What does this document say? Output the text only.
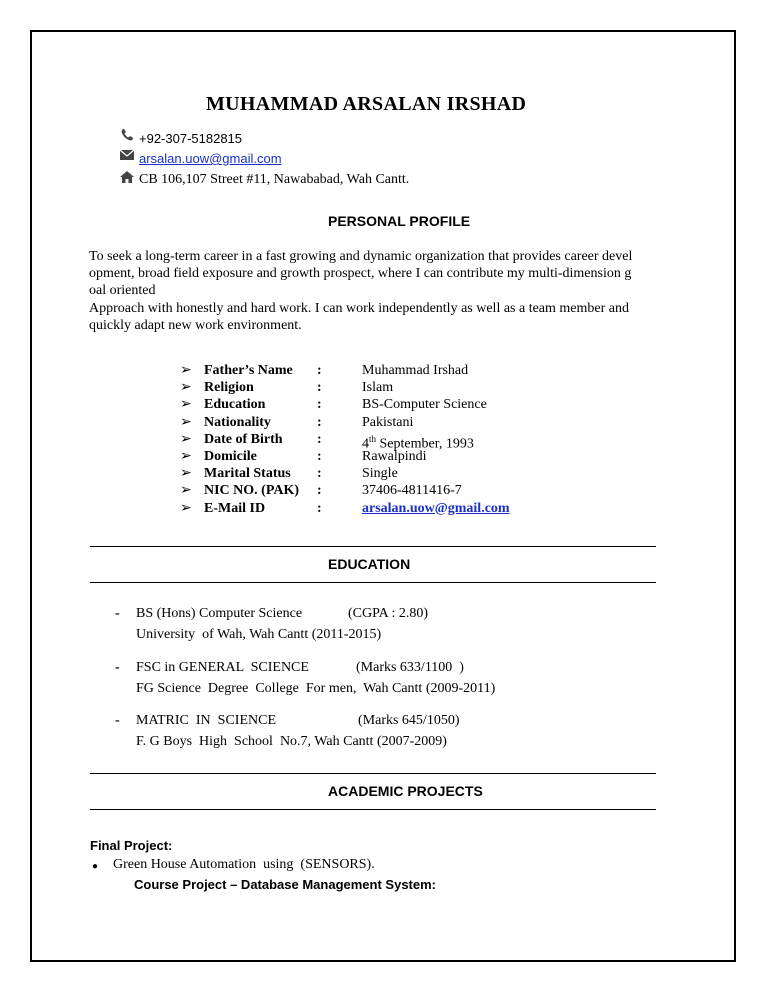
MUHAMMAD ARSALAN IRSHAD
+92-307-5182815
arsalan.uow@gmail.com
CB 106,107 Street #11, Nawababad, Wah Cantt.
PERSONAL PROFILE
To seek a long-term career in a fast growing and dynamic organization that provides career devel
opment, broad field exposure and growth prospect, where I can contribute my multi-dimension g
oal oriented
Approach with honestly and hard work. I can work independently as well as a team member and
quickly adapt new work environment.
➢ Father’s Name :	Muhammad Irshad
➢ Religion	:	Islam
➢ Education	:	BS-Computer Science
➢ Nationality	:	Pakistani
➢ Date of Birth :	4th September, 1993
➢ Domicile	:	Rawalpindi
➢ Marital Status :	Single
➢ NIC NO. (PAK) :	37406-4811416-7
➢ E-Mail ID	:	arsalan.uow@gmail.com
EDUCATION
- BS (Hons) Computer Science	(CGPA : 2.80)
University  of Wah, Wah Cantt (2011-2015)
- FSC in GENERAL  SCIENCE	(Marks 633/1100  )
FG Science  Degree  College  For men,  Wah Cantt (2009-2011)
- MATRIC  IN  SCIENCE	(Marks 645/1050)
F. G Boys  High  School  No.7, Wah Cantt (2007-2009)
ACADEMIC PROJECTS
Final Project:
● Green House Automation  using  (SENSORS).
Course Project – Database Management System:
